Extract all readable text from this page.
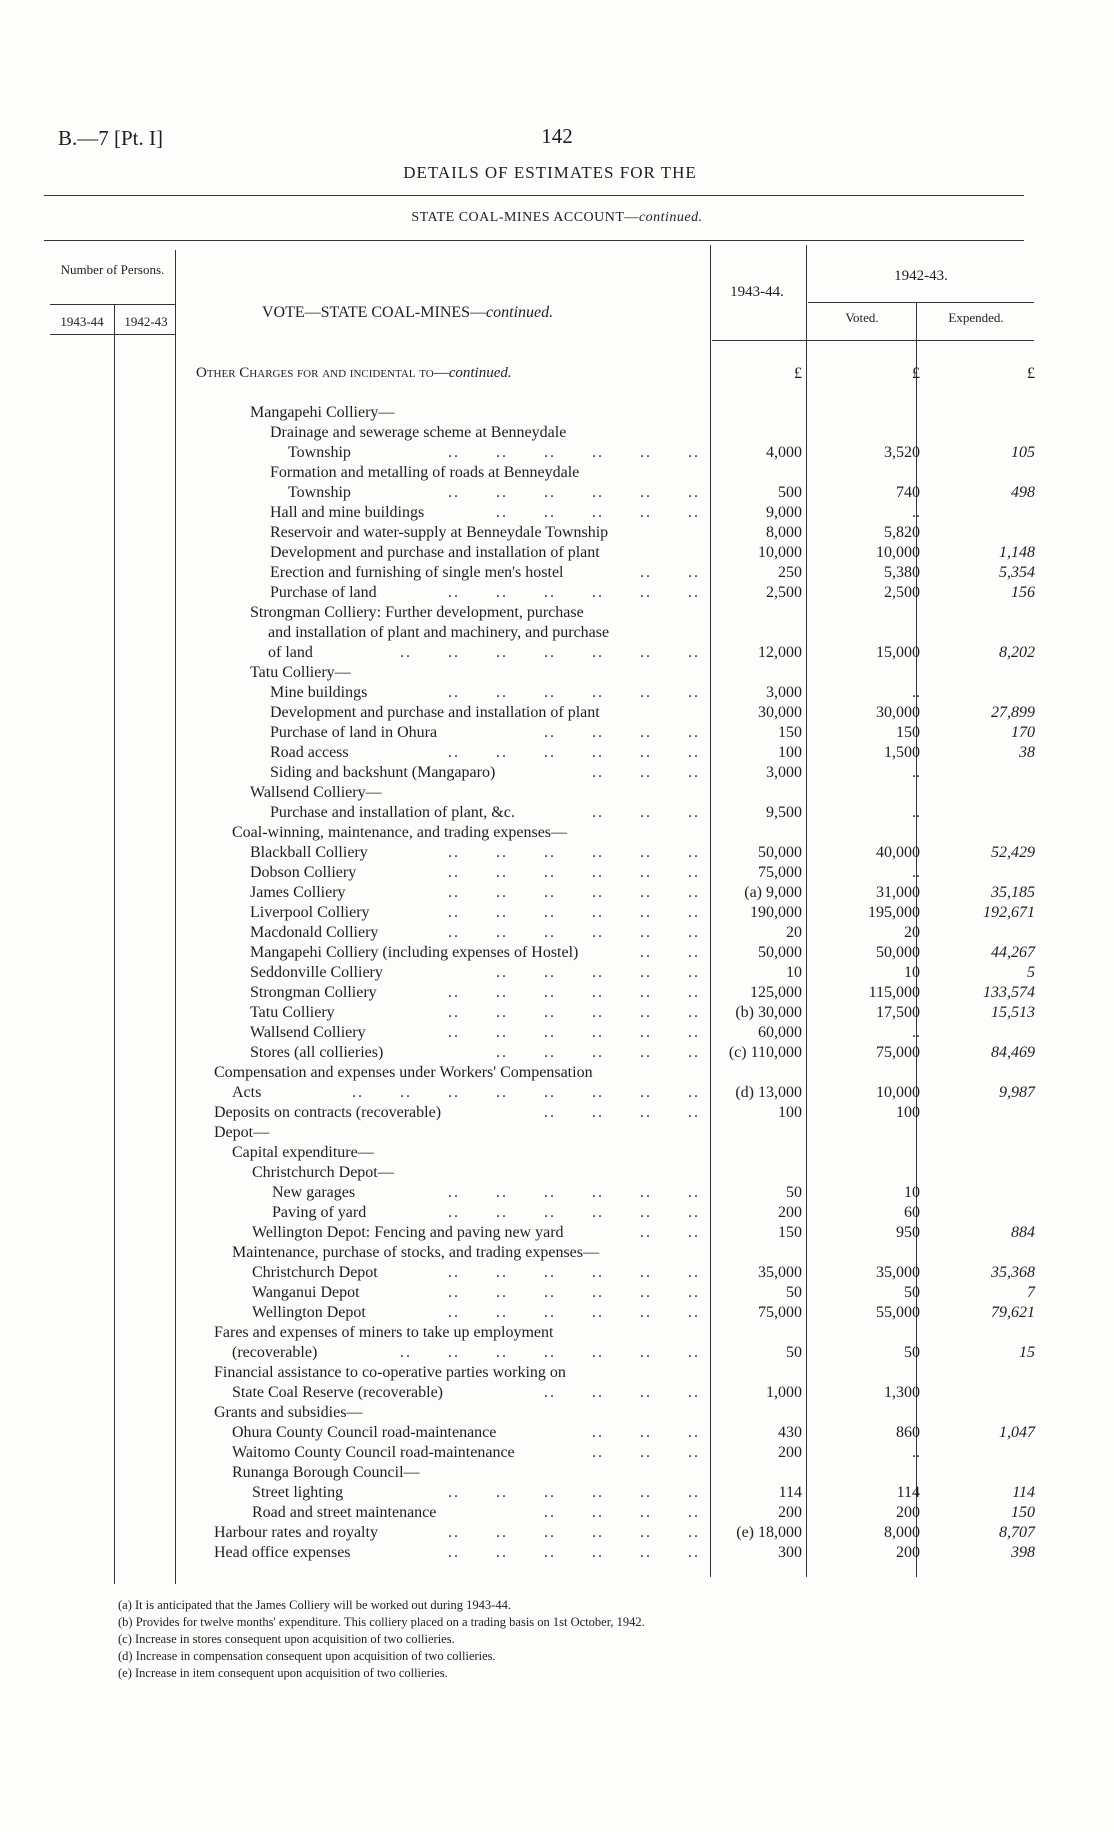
B.—7 [Pt. I]	142
DETAILS OF ESTIMATES FOR THE
STATE COAL-MINES ACCOUNT—continued.
Number of Persons.
1943-44	1942-43
VOTE—STATE COAL-MINES—continued.
1943-44.
1942-43.
Voted.	Expended.
Other Charges for and incidental to—continued.	£	£	£
Mangapehi Colliery—
Drainage and sewerage scheme at Benneydale
..  ..  ..  ..  ..  ..
Township	4,000	3,520	105
Formation and metalling of roads at Benneydale
..  ..  ..  ..  ..  ..
Township	500	740	498
..  ..  ..  ..  ..
Hall and mine buildings	9,000	..
Reservoir and water-supply at Benneydale Township	8,000	5,820
Development and purchase and installation of plant	10,000	10,000	1,148
..  ..
Erection and furnishing of single men's hostel	250	5,380	5,354
..  ..  ..  ..  ..  ..
Purchase of land	2,500	2,500	156
Strongman Colliery: Further development, purchase
and installation of plant and machinery, and purchase
..  ..  ..  ..  ..  ..  ..
of land	12,000	15,000	8,202
Tatu Colliery—
..  ..  ..  ..  ..  ..
Mine buildings	3,000	..
Development and purchase and installation of plant	30,000	30,000	27,899
..  ..  ..  ..
Purchase of land in Ohura	150	150	170
..  ..  ..  ..  ..  ..
Road access	100	1,500	38
..  ..  ..
Siding and backshunt (Mangaparo)	3,000	..
Wallsend Colliery—
..  ..  ..
Purchase and installation of plant, &c.	9,500	..
Coal-winning, maintenance, and trading expenses—
..  ..  ..  ..  ..  ..
Blackball Colliery	50,000	40,000	52,429
..  ..  ..  ..  ..  ..
Dobson Colliery	75,000	..
..  ..  ..  ..  ..  ..
James Colliery	(a) 9,000	31,000	35,185
..  ..  ..  ..  ..  ..
Liverpool Colliery	190,000	195,000	192,671
..  ..  ..  ..  ..  ..
Macdonald Colliery	20	20
..  ..
Mangapehi Colliery (including expenses of Hostel)	50,000	50,000	44,267
..  ..  ..  ..  ..
Seddonville Colliery	10	10	5
..  ..  ..  ..  ..  ..
Strongman Colliery	125,000	115,000	133,574
..  ..  ..  ..  ..  ..
Tatu Colliery	(b) 30,000	17,500	15,513
..  ..  ..  ..  ..  ..
Wallsend Colliery	60,000	..
..  ..  ..  ..  ..
Stores (all collieries)	(c) 110,000	75,000	84,469
Compensation and expenses under Workers' Compensation
..  ..  ..  ..  ..  ..  ..  ..
Acts	(d) 13,000	10,000	9,987
..  ..  ..  ..
Deposits on contracts (recoverable)	100	100
Depot—
Capital expenditure—
Christchurch Depot—
..  ..  ..  ..  ..  ..
New garages	50	10
..  ..  ..  ..  ..  ..
Paving of yard	200	60
..  ..
Wellington Depot: Fencing and paving new yard	150	950	884
Maintenance, purchase of stocks, and trading expenses—
..  ..  ..  ..  ..  ..
Christchurch Depot	35,000	35,000	35,368
..  ..  ..  ..  ..  ..
Wanganui Depot	50	50	7
..  ..  ..  ..  ..  ..
Wellington Depot	75,000	55,000	79,621
Fares and expenses of miners to take up employment
..  ..  ..  ..  ..  ..  ..
(recoverable)	50	50	15
Financial assistance to co-operative parties working on
..  ..  ..  ..
State Coal Reserve (recoverable)	1,000	1,300
Grants and subsidies—
..  ..  ..
Ohura County Council road-maintenance	430	860	1,047
..  ..  ..
Waitomo County Council road-maintenance	200	..
Runanga Borough Council—
..  ..  ..  ..  ..  ..
Street lighting	114	114	114
..  ..  ..  ..
Road and street maintenance	200	200	150
..  ..  ..  ..  ..  ..
Harbour rates and royalty	(e) 18,000	8,000	8,707
..  ..  ..  ..  ..  ..
Head office expenses	300	200	398
(a) It is anticipated that the James Colliery will be worked out during 1943-44.
(b) Provides for twelve months' expenditure. This colliery placed on a trading basis on 1st October, 1942.
(c) Increase in stores consequent upon acquisition of two collieries.
(d) Increase in compensation consequent upon acquisition of two collieries.
(e) Increase in item consequent upon acquisition of two collieries.
